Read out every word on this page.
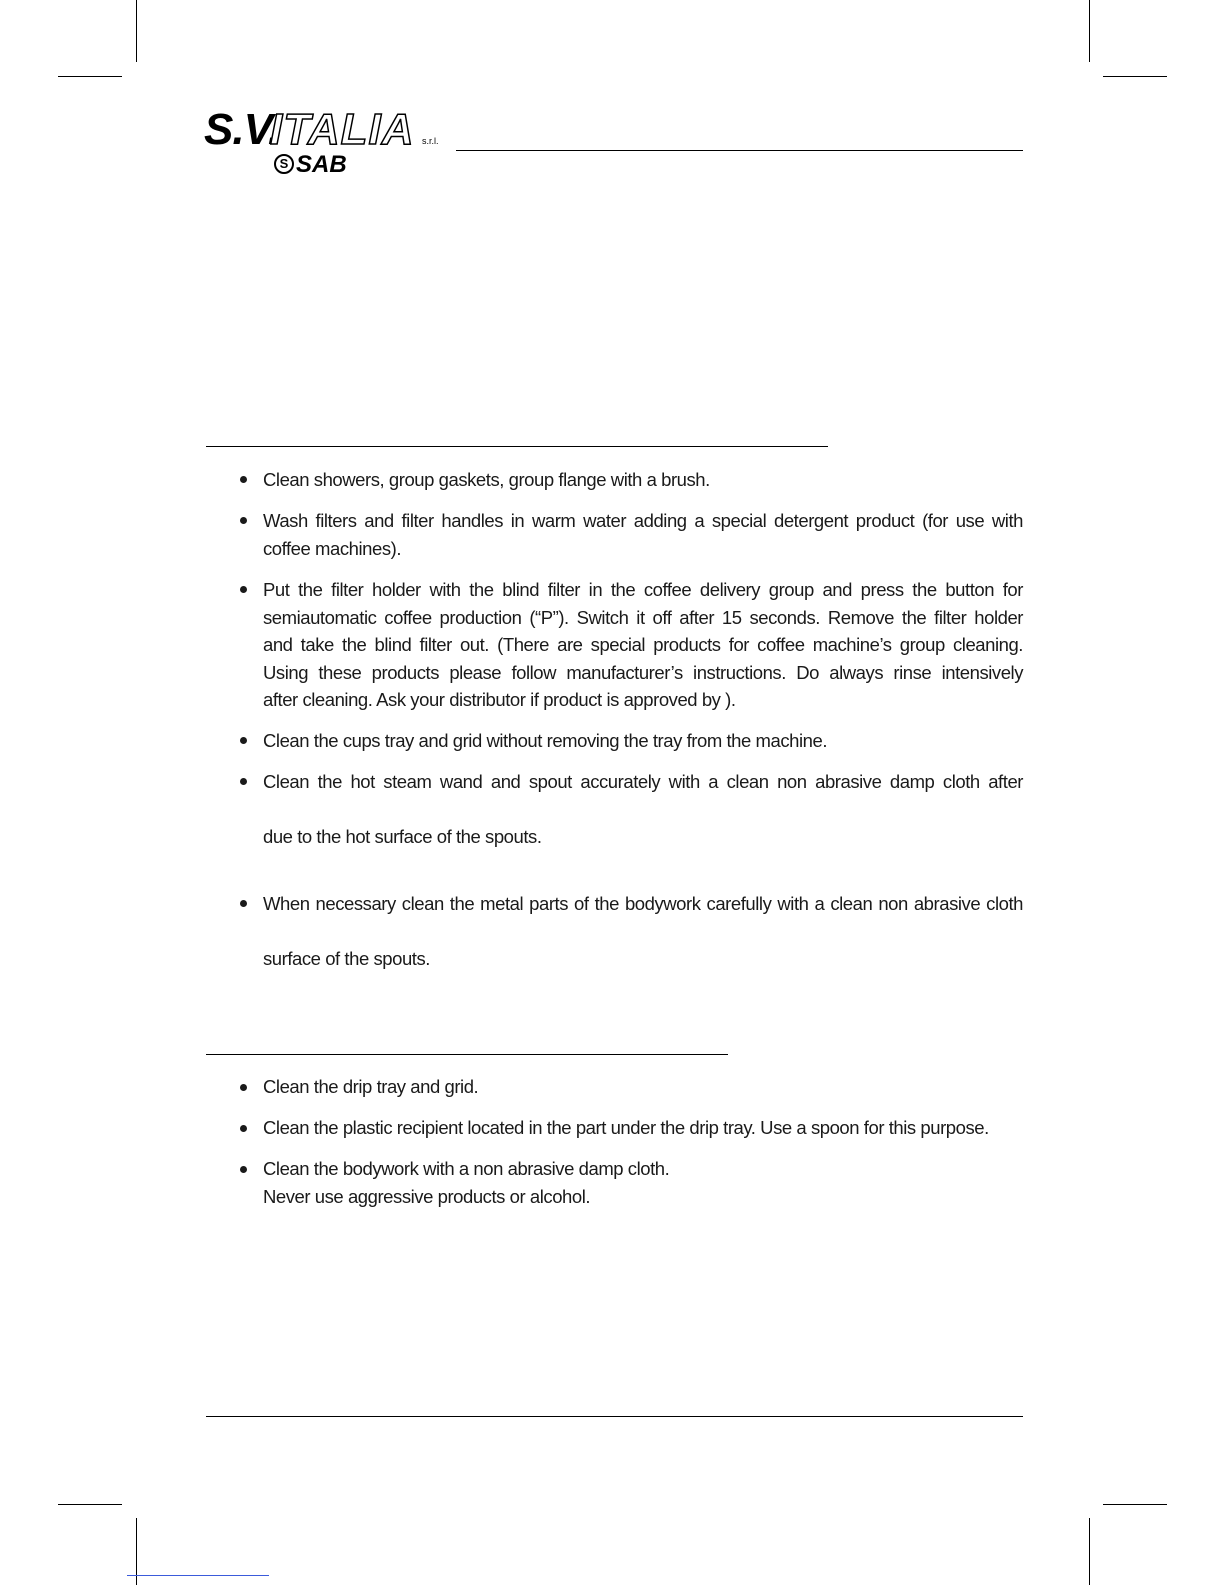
S.V.
ITALIA s.r.l.
S SAB
Clean showers, group gaskets, group flange with a brush.
Wash filters and filter handles in warm water adding a special detergent product (for use with
coffee machines).
Put the filter holder with the blind filter in the coffee delivery group and press the button for
semiautomatic coffee production (“P”). Switch it off after 15 seconds. Remove the filter holder
and take the blind filter out. (There are special products for coffee machine’s group cleaning.
Using these products please follow manufacturer’s instructions. Do always rinse intensively
after cleaning. Ask your distributor if product is approved by ).
Clean the cups tray and grid without removing the tray from the machine.
Clean the hot steam wand and spout accurately with a clean non abrasive damp cloth after
due to the hot surface of the spouts.
When necessary clean the metal parts of the bodywork carefully with a clean non abrasive cloth
surface of the spouts.
Clean the drip tray and grid.
Clean the plastic recipient located in the part under the drip tray. Use a spoon for this purpose.
Clean the bodywork with a non abrasive damp cloth.
Never use aggressive products or alcohol.
